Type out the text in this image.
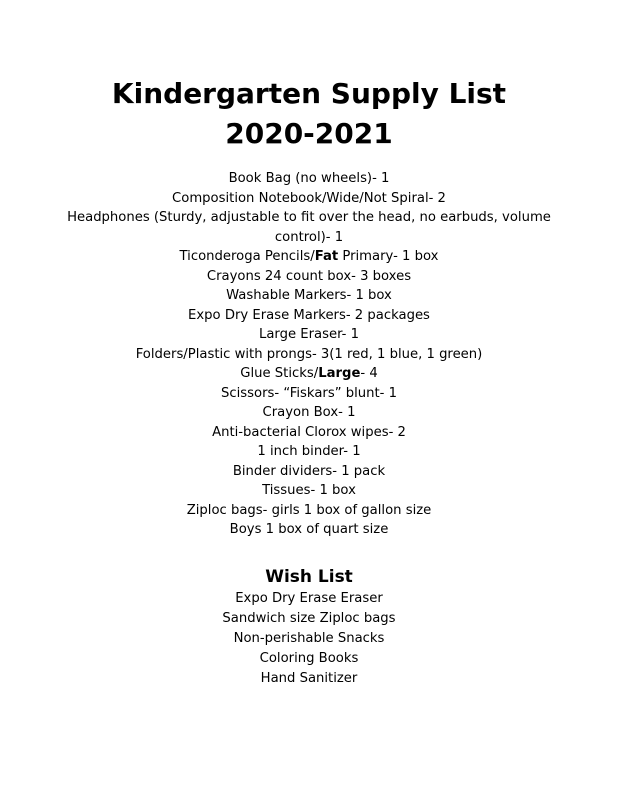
Kindergarten Supply List
2020-2021
Book Bag (no wheels)- 1
Composition Notebook/Wide/Not Spiral- 2
Headphones (Sturdy, adjustable to fit over the head, no earbuds, volume control)- 1
Ticonderoga Pencils/Fat Primary- 1 box
Crayons 24 count box- 3 boxes
Washable Markers- 1 box
Expo Dry Erase Markers- 2 packages
Large Eraser- 1
Folders/Plastic with prongs- 3(1 red, 1 blue, 1 green)
Glue Sticks/Large- 4
Scissors- “Fiskars” blunt- 1
Crayon Box- 1
Anti-bacterial Clorox wipes- 2
1 inch binder- 1
Binder dividers- 1 pack
Tissues- 1 box
Ziploc bags- girls 1 box of gallon size
Boys 1 box of quart size
Wish List
Expo Dry Erase Eraser
Sandwich size Ziploc bags
Non-perishable Snacks
Coloring Books
Hand Sanitizer
